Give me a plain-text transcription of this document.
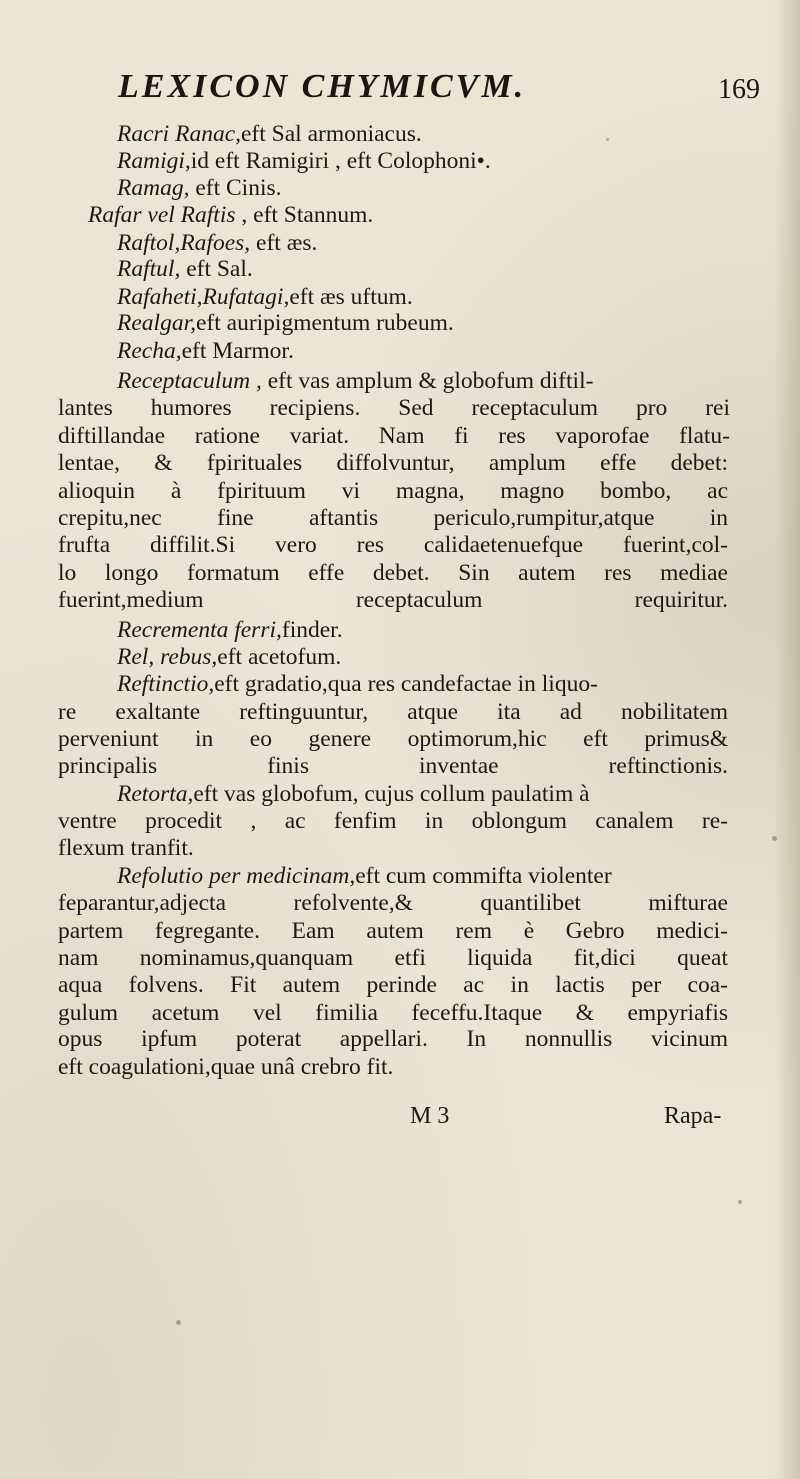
LEXICON CHYMICVM.	169
Racri Ranac,eft Sal armoniacus.
Ramigi,id eft Ramigiri , eft Colophoni•.
Ramag, eft Cinis.
Rafar vel Raftis , eft Stannum.
Raftol,Rafoes, eft æs.
Raftul, eft Sal.
Rafaheti,Rufatagi,eft æs uftum.
Realgar,eft auripigmentum rubeum.
Recha,eft Marmor.
Receptaculum , eft vas amplum & globofum diftil-
lantes humores recipiens. Sed receptaculum pro rei
diftillandae ratione variat. Nam fi res vaporofae flatu-
lentae, & fpirituales diffolvuntur, amplum effe debet:
alioquin à fpirituum vi magna, magno bombo, ac
crepitu,nec fine aftantis periculo,rumpitur,atque in
frufta diffilit.Si vero res calidaetenuefque fuerint,col-
lo longo formatum effe debet. Sin autem res mediae
fuerint,medium receptaculum requiritur.
Recrementa ferri,finder.
Rel, rebus,eft acetofum.
Reftinctio,eft gradatio,qua res candefactae in liquo-
re exaltante reftinguuntur, atque ita ad nobilitatem
perveniunt in eo genere optimorum,hic eft primus&
principalis finis inventae reftinctionis.
Retorta,eft vas globofum, cujus collum paulatim à
ventre procedit , ac fenfim in oblongum canalem re-
flexum tranfit.
Refolutio per medicinam,eft cum commifta violenter
feparantur,adjecta refolvente,& quantilibet mifturae
partem fegregante. Eam autem rem è Gebro medici-
nam nominamus,quanquam etfi liquida fit,dici queat
aqua folvens. Fit autem perinde ac in lactis per coa-
gulum acetum vel fimilia feceffu.Itaque & empyriafis
opus ipfum poterat appellari. In nonnullis vicinum
eft coagulationi,quae unâ crebro fit.
M 3	Rapa-
